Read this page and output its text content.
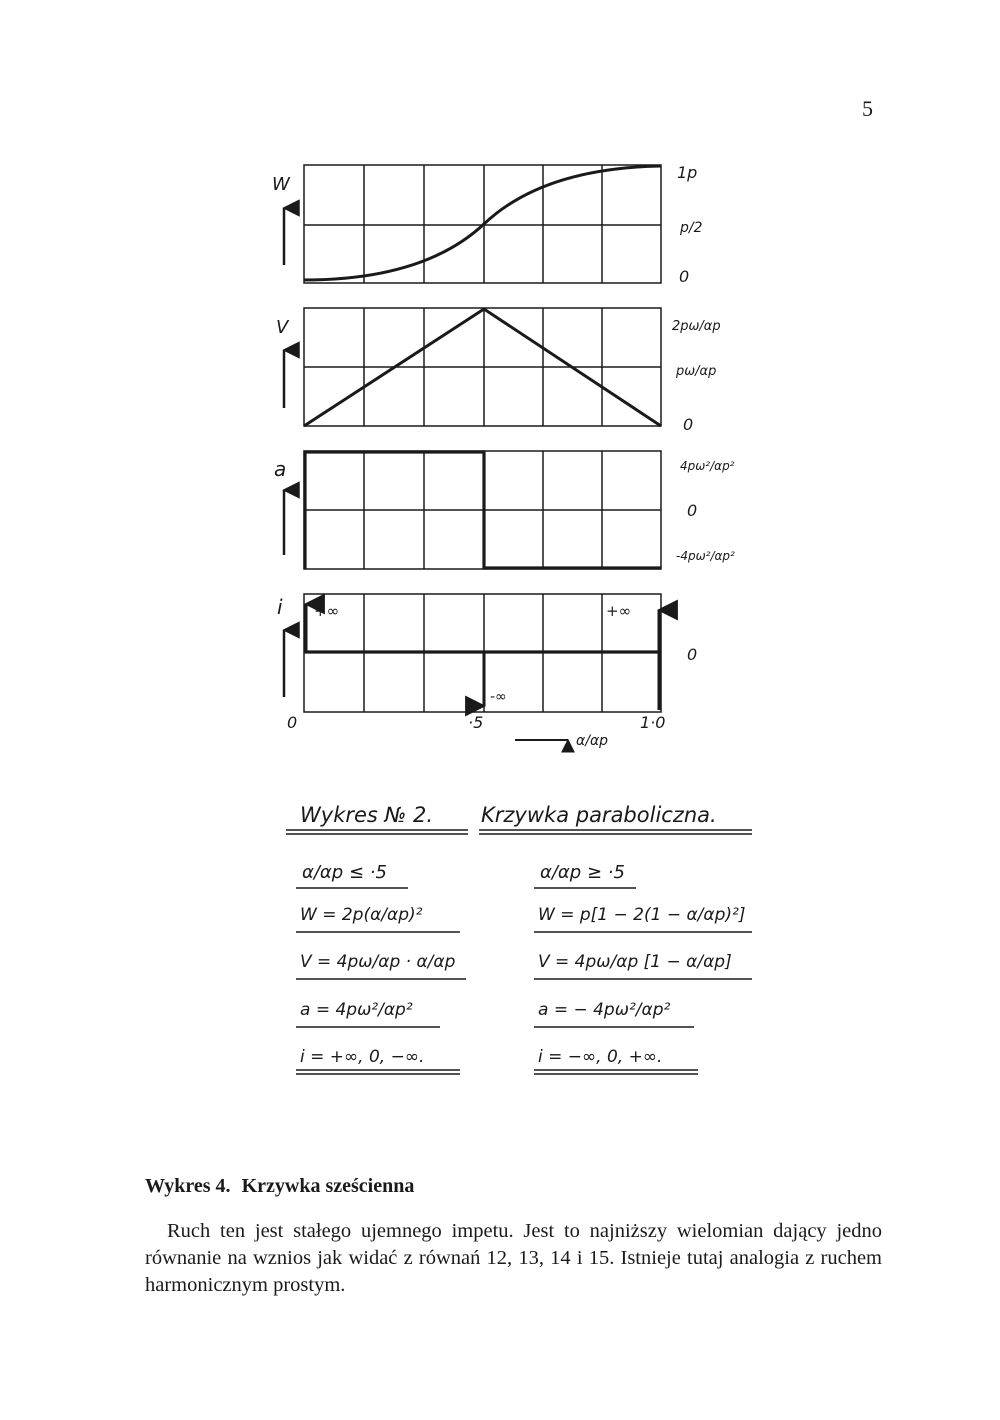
5
W
1p
p/2
0
V	2pω/αp
pω/αp
0
a	4pω²/αp²
0
-4pω²/αp²
+∞	+∞
-∞
i
0
0	·5	1·0
α/αp
Wykres № 2. Krzywka paraboliczna.
α/αp ≤ ·5
W = 2p(α/αp)²
V = 4pω/αp · α/αp
a = 4pω²/αp²
i = +∞, 0, −∞.
α/αp ≥ ·5
W = p[1 − 2(1 − α/αp)²]
V = 4pω/αp [1 − α/αp]
a = − 4pω²/αp²
i = −∞, 0, +∞.
Wykres 4. Krzywka sześcienna

Ruch ten jest stałego ujemnego impetu. Jest to najniższy wielomian dający jedno równanie na wznios jak widać z równań 12, 13, 14 i 15. Istnieje tutaj analogia z ruchem harmonicznym prostym.
